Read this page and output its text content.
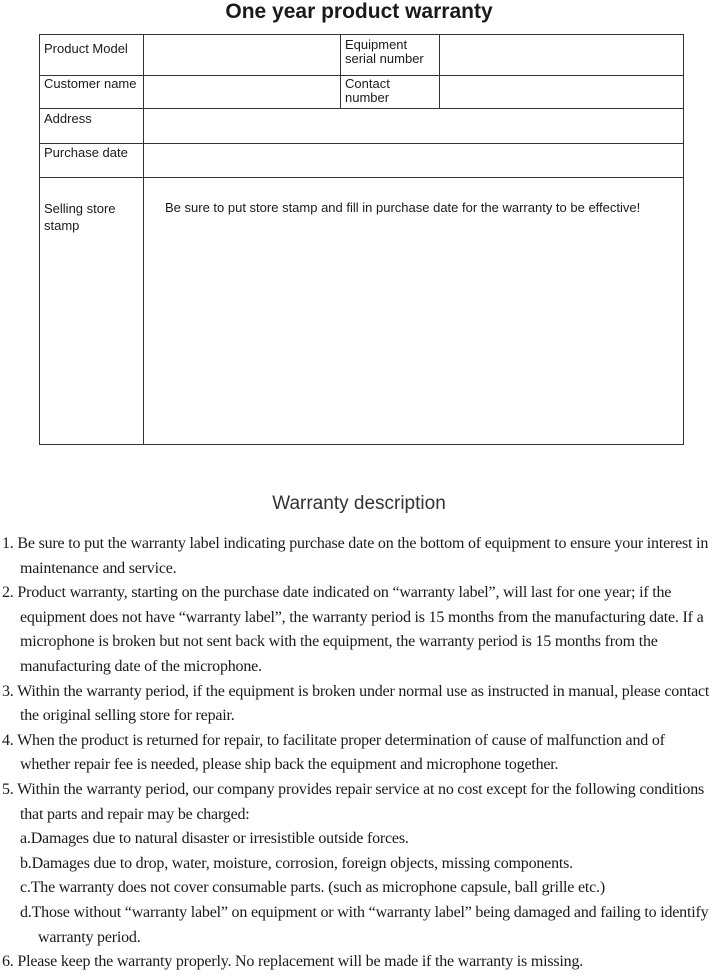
One year product warranty
Product Model	Equipment serial number
Customer name	Contact number
Address
Purchase date
Selling store stamp
Be sure to put store stamp and fill in purchase date for the warranty to be effective!
Warranty description

1. Be sure to put the warranty label indicating purchase date on the bottom of equipment to ensure your interest in maintenance and service.

2. Product warranty, starting on the purchase date indicated on “warranty label”, will last for one year; if the equipment does not have “warranty label”, the warranty period is 15 months from the manufacturing date. If a microphone is broken but not sent back with the equipment, the warranty period is 15 months from the manufacturing date of the microphone.

3. Within the warranty period, if the equipment is broken under normal use as instructed in manual, please contact the original selling store for repair.

4. When the product is returned for repair, to facilitate proper determination of cause of malfunction and of whether repair fee is needed, please ship back the equipment and microphone together.

5. Within the warranty period, our company provides repair service at no cost except for the following conditions that parts and repair may be charged:

a.Damages due to natural disaster or irresistible outside forces.

b.Damages due to drop, water, moisture, corrosion, foreign objects, missing components.

c.The warranty does not cover consumable parts. (such as microphone capsule, ball grille etc.)

d.Those without “warranty label” on equipment or with “warranty label” being damaged and failing to identify warranty period.

6. Please keep the warranty properly. No replacement will be made if the warranty is missing.
